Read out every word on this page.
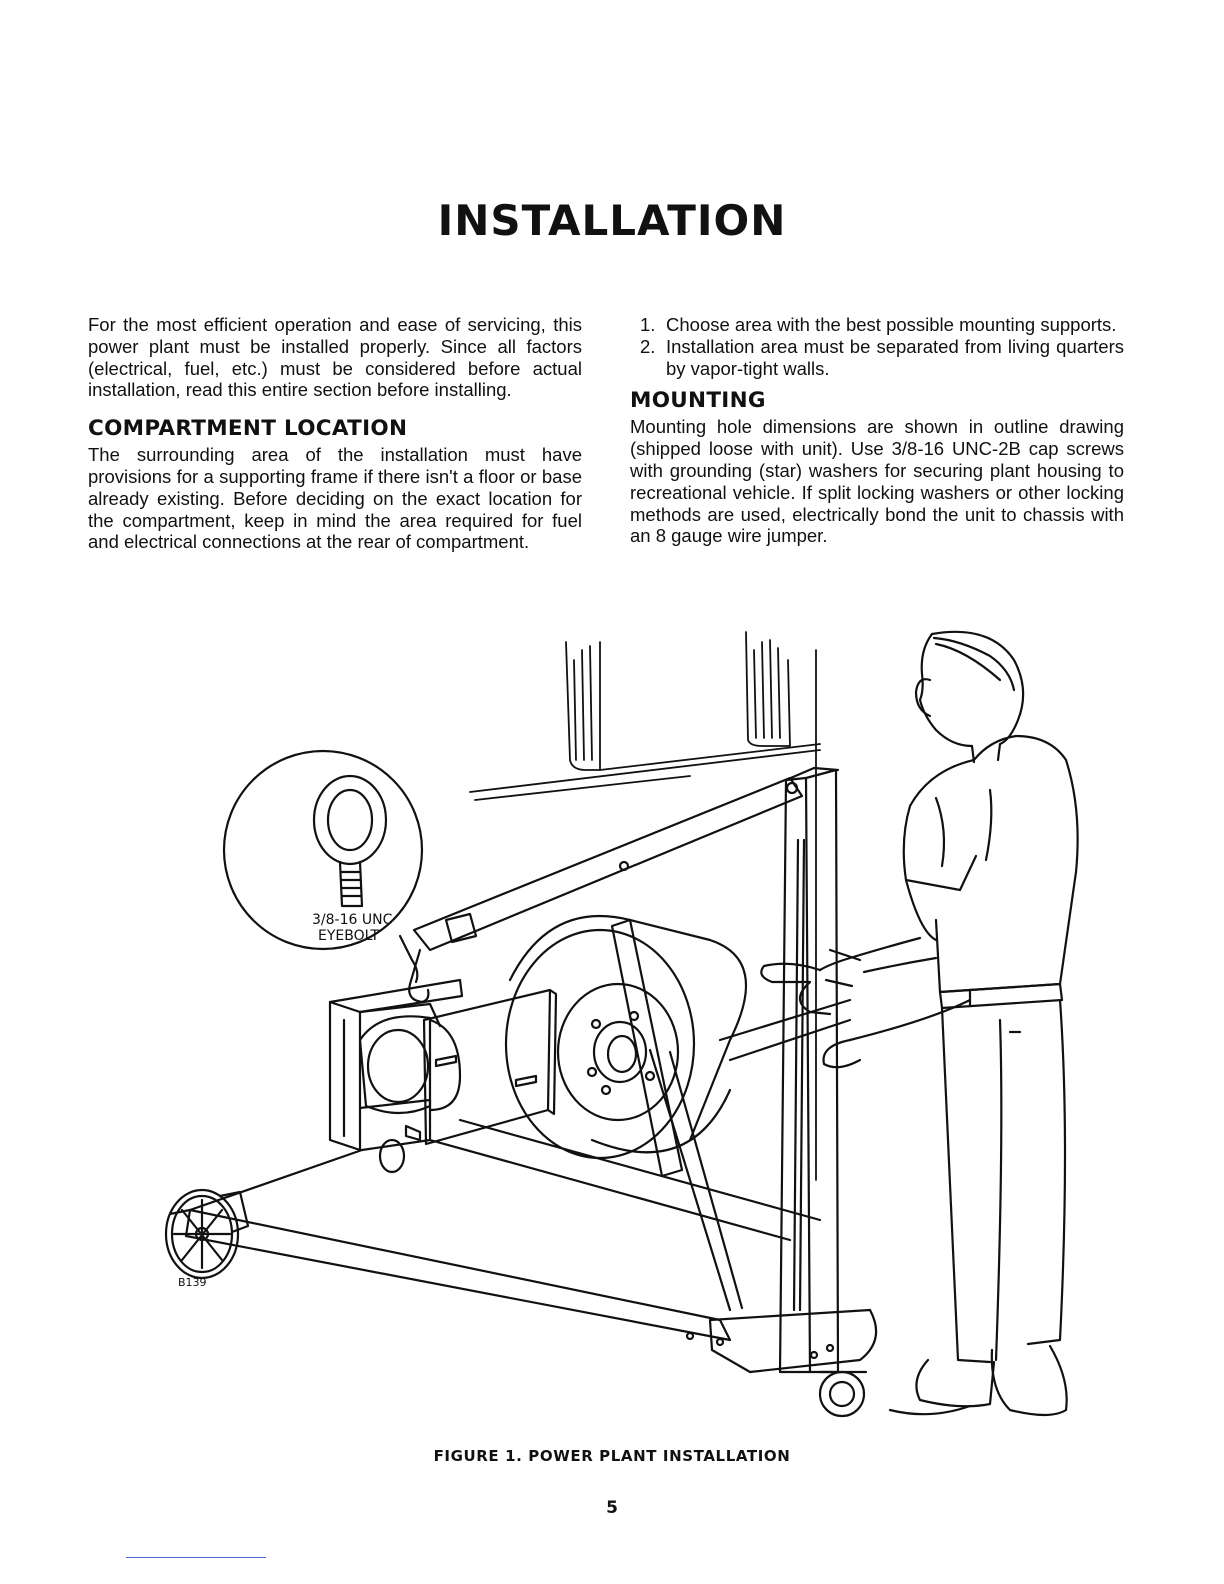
INSTALLATION

For the most efficient operation and ease of servicing, this power plant must be installed properly. Since all factors (electrical, fuel, etc.) must be considered before actual installation, read this entire section before installing.

COMPARTMENT LOCATION

The surrounding area of the installation must have provisions for a supporting frame if there isn't a floor or base already existing. Before deciding on the exact location for the compartment, keep in mind the area required for fuel and electrical connections at the rear of compartment.

1. Choose area with the best possible mounting supports.
2. Installation area must be separated from living quarters by vapor-tight walls.
MOUNTING

Mounting hole dimensions are shown in outline drawing (shipped loose with unit). Use 3/8-16 UNC-2B cap screws with grounding (star) washers for securing plant housing to recreational vehicle. If split locking washers or other locking methods are used, electrically bond the unit to chassis with an 8 gauge wire jumper.

3/8-16 UNC
EYEBOLT
B139
FIGURE 1. POWER PLANT INSTALLATION
5
